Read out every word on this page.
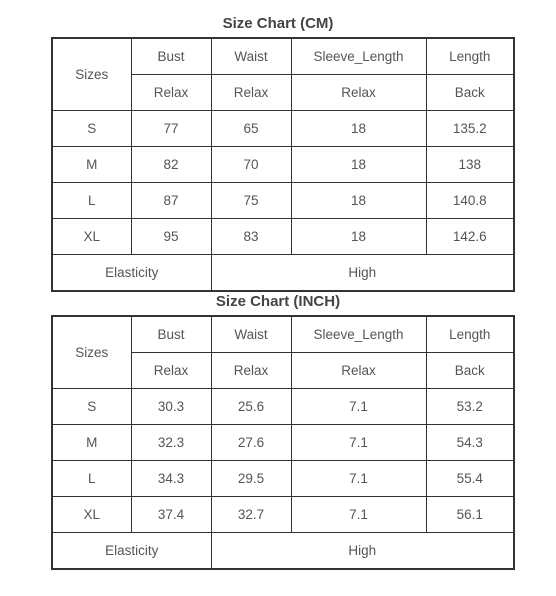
Size Chart (CM)
Sizes	Bust	Waist	Sleeve_Length	Length
	Relax	Relax	Relax	Back
S	77	65	18	135.2
M	82	70	18	138
L	87	75	18	140.8
XL	95	83	18	142.6
Elasticity		High		
Size Chart (INCH)
Sizes	Bust	Waist	Sleeve_Length	Length
	Relax	Relax	Relax	Back
S	30.3	25.6	7.1	53.2
M	32.3	27.6	7.1	54.3
L	34.3	29.5	7.1	55.4
XL	37.4	32.7	7.1	56.1
Elasticity		High		
